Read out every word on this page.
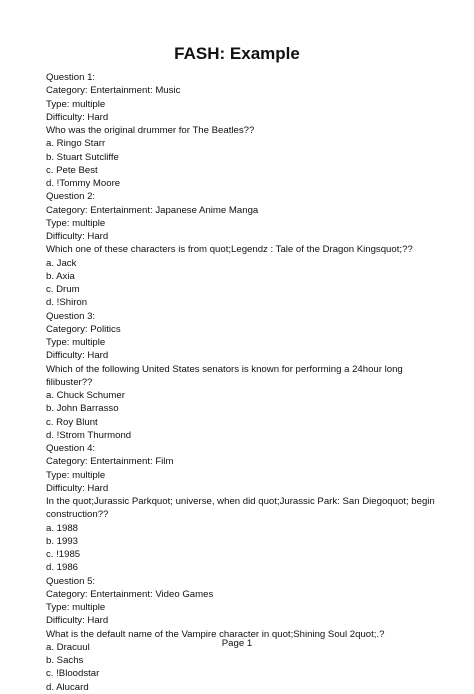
FASH: Example
Question 1:
Category: Entertainment: Music
Type: multiple
Difficulty: Hard
Who was the original drummer for The Beatles??
a. Ringo Starr
b. Stuart Sutcliffe
c. Pete Best
d. !Tommy Moore
Question 2:
Category: Entertainment: Japanese Anime Manga
Type: multiple
Difficulty: Hard
Which one of these characters is from quot;Legendz : Tale of the Dragon Kingsquot;??
a. Jack
b. Axia
c. Drum
d. !Shiron
Question 3:
Category: Politics
Type: multiple
Difficulty: Hard
Which of the following United States senators is known for performing a 24hour long filibuster??
a. Chuck Schumer
b. John Barrasso
c. Roy Blunt
d. !Strom Thurmond
Question 4:
Category: Entertainment: Film
Type: multiple
Difficulty: Hard
In the quot;Jurassic Parkquot; universe, when did quot;Jurassic Park: San Diegoquot; begin construction??
a. 1988
b. 1993
c. !1985
d. 1986
Question 5:
Category: Entertainment: Video Games
Type: multiple
Difficulty: Hard
What is the default name of the Vampire character in quot;Shining Soul 2quot;.?
a. Dracuul
b. Sachs
c. !Bloodstar
d. Alucard
Page 1
